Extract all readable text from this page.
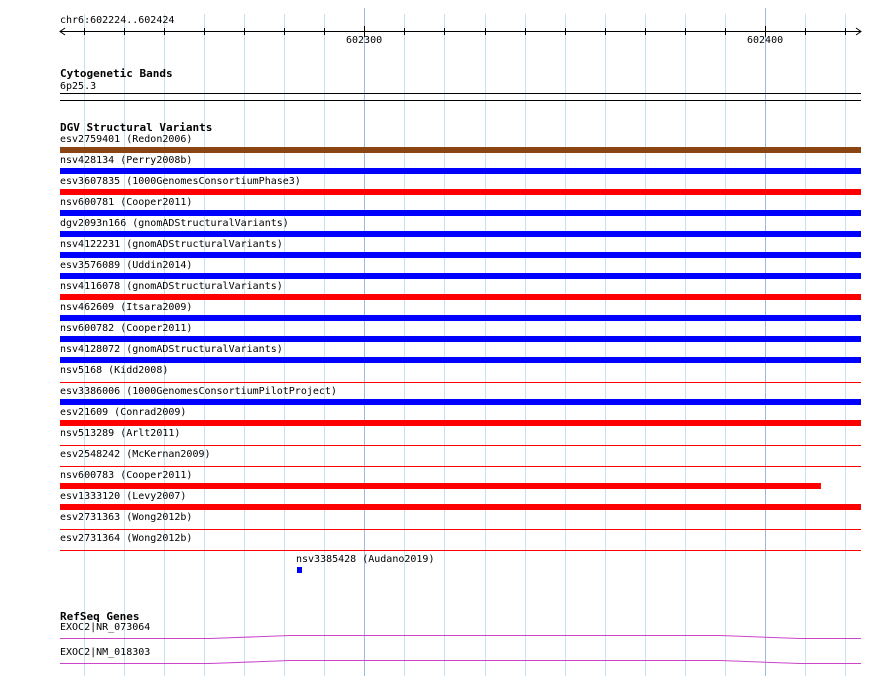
chr6:602224..602424
602300	602400
Cytogenetic Bands
6p25.3
DGV Structural Variants
esv2759401 (Redon2006)
nsv428134 (Perry2008b)
esv3607835 (1000GenomesConsortiumPhase3)
nsv600781 (Cooper2011)
dgv2093n166 (gnomADStructuralVariants)
nsv4122231 (gnomADStructuralVariants)
esv3576089 (Uddin2014)
nsv4116078 (gnomADStructuralVariants)
nsv462609 (Itsara2009)
nsv600782 (Cooper2011)
nsv4128072 (gnomADStructuralVariants)
nsv5168 (Kidd2008)
esv3386006 (1000GenomesConsortiumPilotProject)
esv21609 (Conrad2009)
nsv513289 (Arlt2011)
esv2548242 (McKernan2009)
nsv600783 (Cooper2011)
esv1333120 (Levy2007)
esv2731363 (Wong2012b)
esv2731364 (Wong2012b)
nsv3385428 (Audano2019)
RefSeq Genes
EXOC2|NR_073064
EXOC2|NM_018303
